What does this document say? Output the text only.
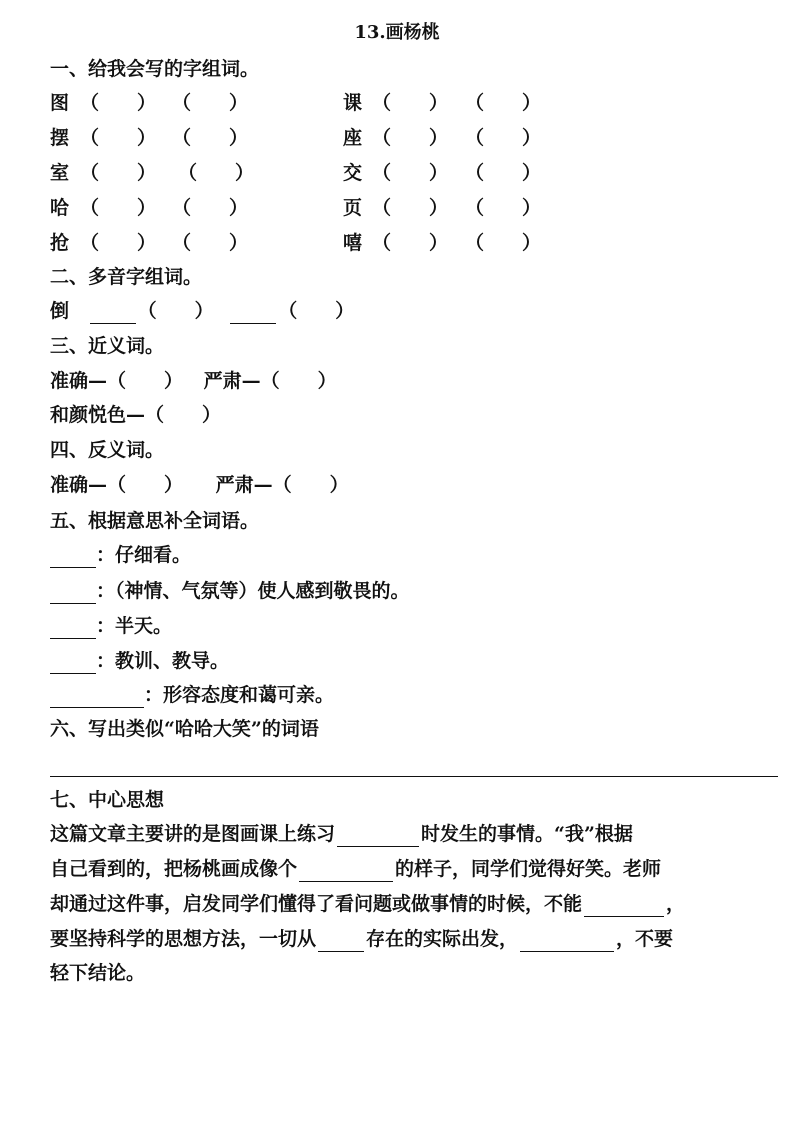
13.画杨桃
一、给我会写的字组词。
图 （　　） （　　）	课 （　　） （　　）
摆 （　　） （　　）	座 （　　） （　　）
室 （　　） （　　）	交 （　　） （　　）
哈 （　　） （　　）	页 （　　） （　　）
抢 （　　） （　　）	嘻 （　　） （　　）
二、多音字组词。
倒	（　　）	（　　）
三、近义词。
准确—（　　） 严肃—（　　）
和颜悦色—（　　）
四、反义词。
准确—（　　） 严肃—（　　）
五、根据意思补全词语。
：仔细看。
：（神情、气氛等）使人感到敬畏的。
：半天。
：教训、教导。
：形容态度和蔼可亲。
六、写出类似“哈哈大笑”的词语
七、中心思想
这篇文章主要讲的是图画课上练习	时发生的事情。“我”根据
自己看到的，把杨桃画成像个	的样子，同学们觉得好笑。老师
却通过这件事，启发同学们懂得了看问题或做事情的时候，不能	，
要坚持科学的思想方法，一切从	存在的实际出发，	，不要
轻下结论。
